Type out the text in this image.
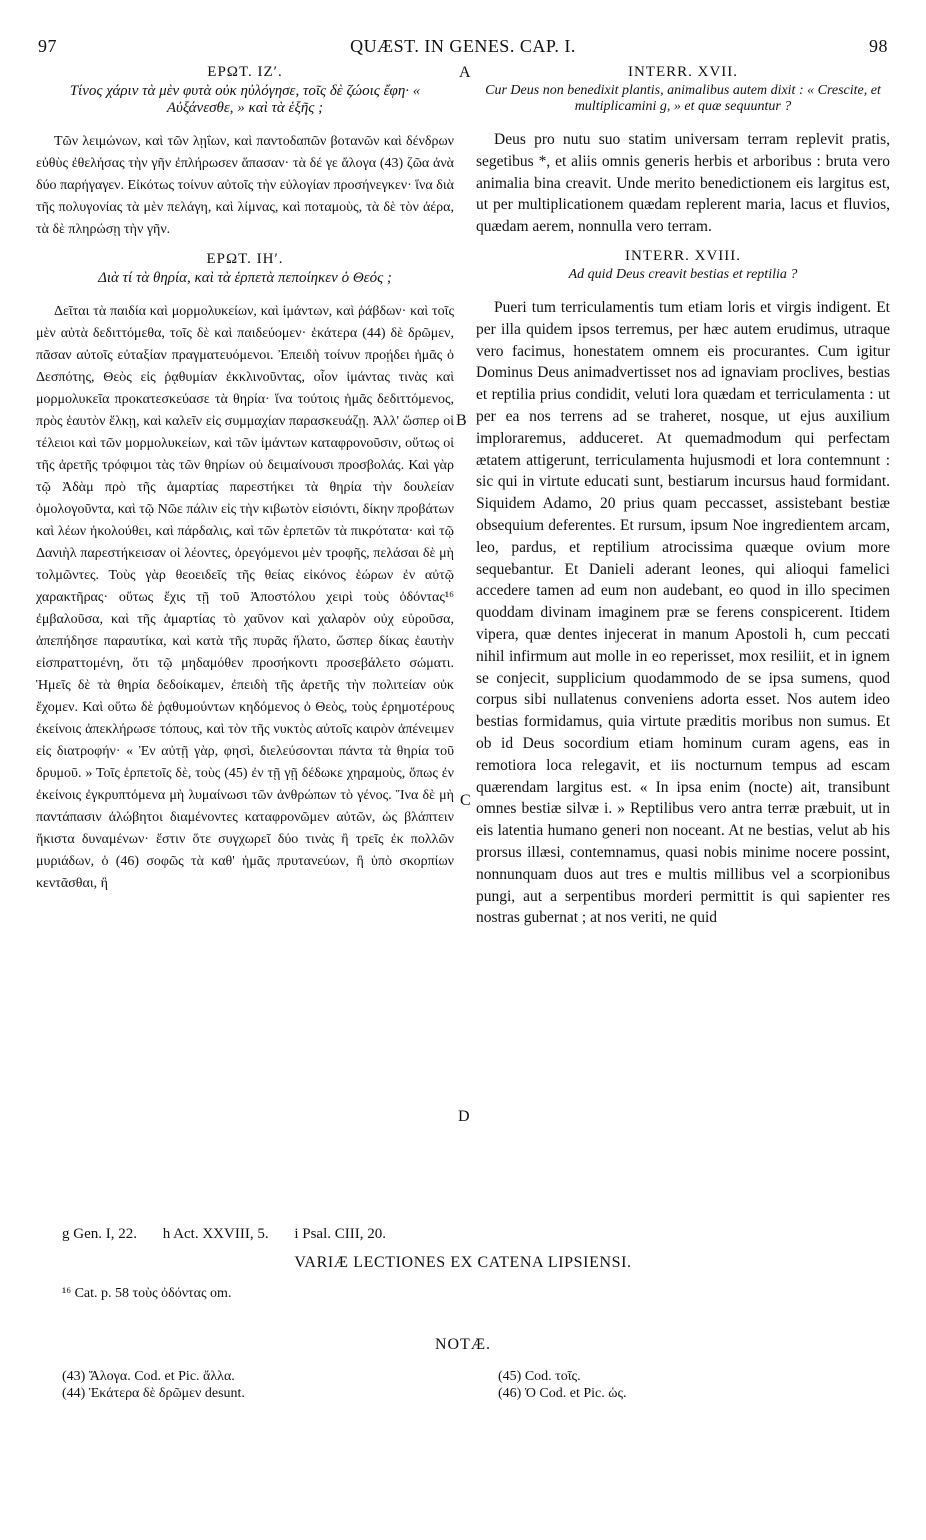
97	QUÆST. IN GENES. CAP. I.	98
ΕΡΩΤ. ΙΖʹ.
Τίνος χάριν τὰ μὲν φυτὰ οὐκ ηὐλόγησε, τοῖς δὲ ζώοις ἔφη· « Αὐξάνεσθε, » καὶ τὰ ἑξῆς ;

Τῶν λειμώνων, καὶ τῶν λῃΐων, καὶ παντοδαπῶν βοτανῶν καὶ δένδρων εὐθὺς ἐθελήσας τὴν γῆν ἐπλήρωσεν ἅπασαν· τὰ δέ γε ἄλογα (43) ζῶα ἀνὰ δύο παρήγαγεν. Εἰκότως τοίνυν αὐτοῖς τὴν εὐλογίαν προσήνεγκεν· ἵνα διὰ τῆς πολυγονίας τὰ μὲν πελάγη, καὶ λίμνας, καὶ ποταμοὺς, τὰ δὲ τὸν ἀέρα, τὰ δὲ πληρώσῃ τὴν γῆν.

ΕΡΩΤ. ΙΗʹ.
Διὰ τί τὰ θηρία, καὶ τὰ ἑρπετὰ πεποίηκεν ὁ Θεός ;

Δεῖται τὰ παιδία καὶ μορμολυκείων, καὶ ἱμάντων, καὶ ῥάβδων· καὶ τοῖς μὲν αὐτὰ δεδιττόμεθα, τοῖς δὲ καὶ παιδεύομεν· ἑκάτερα (44) δὲ δρῶμεν, πᾶσαν αὐτοῖς εὐταξίαν πραγματευόμενοι. Ἐπειδὴ τοίνυν προῄδει ἡμᾶς ὁ Δεσπότης, Θεὸς εἰς ῥᾳθυμίαν ἐκκλινοῦντας, οἷον ἱμάντας τινὰς καὶ μορμολυκεῖα προκατεσκεύασε τὰ θηρία· ἵνα τούτοις ἡμᾶς δεδιττόμενος, πρὸς ἑαυτὸν ἕλκῃ, καὶ καλεῖν εἰς συμμαχίαν παρασκευάζῃ. Ἀλλ' ὥσπερ οἱ τέλειοι καὶ τῶν μορμολυκείων, καὶ τῶν ἱμάντων καταφρονοῦσιν, οὕτως οἱ τῆς ἀρετῆς τρόφιμοι τὰς τῶν θηρίων οὐ δειμαίνουσι προσβολάς. Καὶ γὰρ τῷ Ἀδὰμ πρὸ τῆς ἁμαρτίας παρεστήκει τὰ θηρία τὴν δουλείαν ὁμολογοῦντα, καὶ τῷ Νῶε πάλιν εἰς τὴν κιβωτὸν εἰσιόντι, δίκην προβάτων καὶ λέων ἠκολούθει, καὶ πάρδαλις, καὶ τῶν ἑρπετῶν τὰ πικρότατα· καὶ τῷ Δανιὴλ παρεστήκεισαν οἱ λέοντες, ὀρεγόμενοι μὲν τροφῆς, πελάσαι δὲ μὴ τολμῶντες. Τοὺς γὰρ θεοειδεῖς τῆς θείας εἰκόνος ἑώρων ἐν αὐτῷ χαρακτῆρας· οὕτως ἔχις τῇ τοῦ Ἀποστόλου χειρὶ τοὺς ὀδόντας¹⁶ ἐμβαλοῦσα, καὶ τῆς ἁμαρτίας τὸ χαῦνον καὶ χαλαρὸν οὐχ εὑροῦσα, ἀπεπήδησε παραυτίκα, καὶ κατὰ τῆς πυρᾶς ἥλατο, ὥσπερ δίκας ἑαυτὴν εἰσπραττομένη, ὅτι τῷ μηδαμόθεν προσήκοντι προσεβάλετο σώματι. Ἡμεῖς δὲ τὰ θηρία δεδοίκαμεν, ἐπειδὴ τῆς ἀρετῆς τὴν πολιτείαν οὐκ ἔχομεν. Καὶ οὕτω δὲ ῥᾳθυμούντων κηδόμενος ὁ Θεὸς, τοὺς ἐρημοτέρους ἐκείνοις ἀπεκλήρωσε τόπους, καὶ τὸν τῆς νυκτὸς αὐτοῖς καιρὸν ἀπένειμεν εἰς διατροφήν· « Ἐν αὐτῇ γὰρ, φησὶ, διελεύσονται πάντα τὰ θηρία τοῦ δρυμοῦ. » Τοῖς ἑρπετοῖς δὲ, τοὺς (45) ἐν τῇ γῇ δέδωκε χηραμοὺς, ὅπως ἐν ἐκείνοις ἐγκρυπτόμενα μὴ λυμαίνωσι τῶν ἀνθρώπων τὸ γένος. Ἵνα δὲ μὴ παντάπασιν ἀλώβητοι διαμένοντες καταφρονῶμεν αὐτῶν, ὡς βλάπτειν ἥκιστα δυναμένων· ἔστιν ὅτε συγχωρεῖ δύο τινὰς ἢ τρεῖς ἐκ πολλῶν μυριάδων, ὁ (46) σοφῶς τὰ καθ' ἡμᾶς πρυτανεύων, ἢ ὑπὸ σκορπίων κεντᾶσθαι, ἢ

INTERR. XVII.
Cur Deus non benedixit plantis, animalibus autem dixit : « Crescite, et multiplicamini g, » et quæ sequuntur ?

Deus pro nutu suo statim universam terram replevit pratis, segetibus *, et aliis omnis generis herbis et arboribus : bruta vero animalia bina creavit. Unde merito benedictionem eis largitus est, ut per multiplicationem quædam replerent maria, lacus et fluvios, quædam aerem, nonnulla vero terram.

INTERR. XVIII.
Ad quid Deus creavit bestias et reptilia ?

Pueri tum terriculamentis tum etiam loris et virgis indigent. Et per illa quidem ipsos terremus, per hæc autem erudimus, utraque vero facimus, honestatem omnem eis procurantes. Cum igitur Dominus Deus animadvertisset nos ad ignaviam proclives, bestias et reptilia prius condidit, veluti lora quædam et terriculamenta : ut per ea nos terrens ad se traheret, nosque, ut ejus auxilium imploraremus, adduceret. At quemadmodum qui perfectam ætatem attigerunt, terriculamenta hujusmodi et lora contemnunt : sic qui in virtute educati sunt, bestiarum incursus haud formidant. Siquidem Adamo, 20 prius quam peccasset, assistebant bestiæ obsequium deferentes. Et rursum, ipsum Noe ingredientem arcam, leo, pardus, et reptilium atrocissima quæque ovium more sequebantur. Et Danieli aderant leones, qui alioqui famelici accedere tamen ad eum non audebant, eo quod in illo specimen quoddam divinam imaginem præ se ferens conspicerent. Itidem vipera, quæ dentes injecerat in manum Apostoli h, cum peccati nihil infirmum aut molle in eo reperisset, mox resiliit, et in ignem se conjecit, supplicium quodammodo de se ipsa sumens, quod corpus sibi nullatenus conveniens adorta esset. Nos autem ideo bestias formidamus, quia virtute præditis moribus non sumus. Et ob id Deus socordium etiam hominum curam agens, eas in remotiora loca relegavit, et iis nocturnum tempus ad escam quærendam largitus est. « In ipsa enim (nocte) ait, transibunt omnes bestiæ silvæ i. » Reptilibus vero antra terræ præbuit, ut in eis latentia humano generi non noceant. At ne bestias, velut ab his prorsus illæsi, contemnamus, quasi nobis minime nocere possint, nonnunquam duos aut tres e multis millibus vel a scorpionibus pungi, aut a serpentibus morderi permittit is qui sapienter res nostras gubernat ; at nos veriti, ne quid

A
B
C
D
g Gen. I, 22. h Act. XXVIII, 5. i Psal. CIII, 20.
VARIÆ LECTIONES EX CATENA LIPSIENSI.
¹⁶ Cat. p. 58 τοὺς ὀδόντας om.
NOTÆ.
(43) Ἄλογα. Cod. et Pic. ἄλλα.
(44) Ἑκάτερα δὲ δρῶμεν desunt.
(45) Cod. τοῖς.
(46) Ὁ Cod. et Pic. ὡς.
